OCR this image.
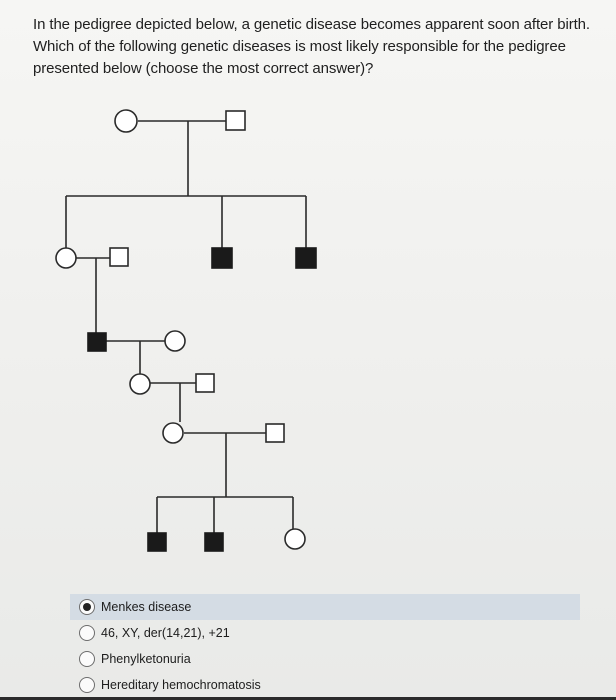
In the pedigree depicted below, a genetic disease becomes apparent soon after birth. Which of the following genetic diseases is most likely responsible for the pedigree presented below (choose the most correct answer)?
Menkes disease
46, XY, der(14,21), +21
Phenylketonuria
Hereditary hemochromatosis
